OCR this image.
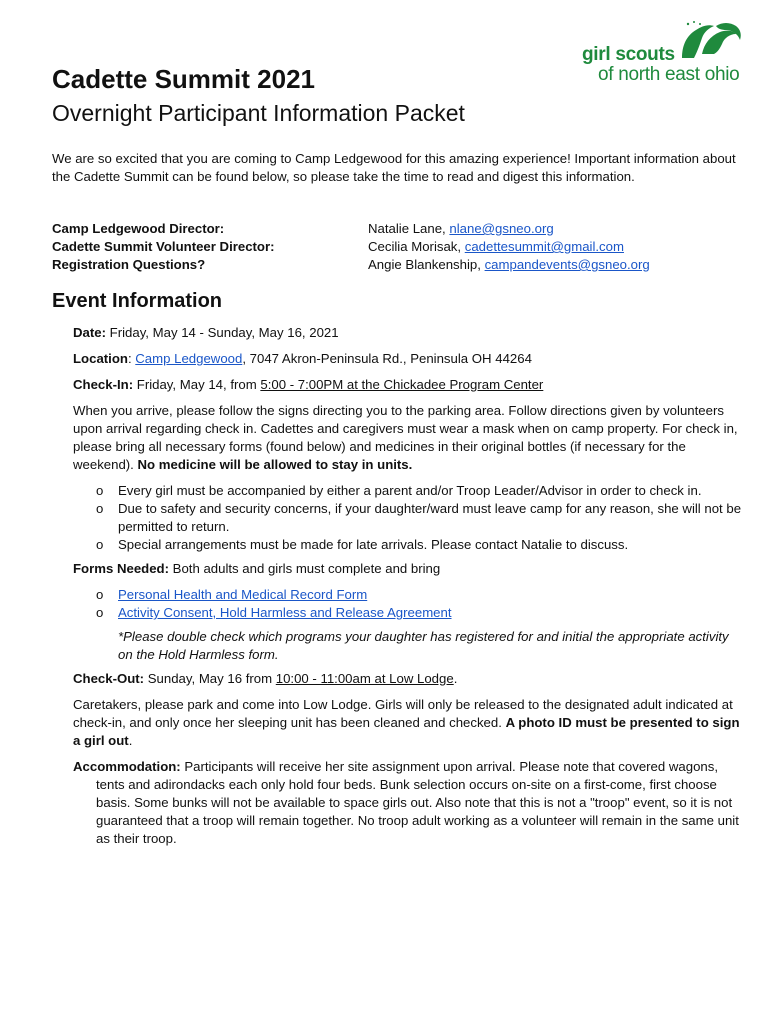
girl scouts
of north east ohio
Cadette Summit 2021
Overnight Participant Information Packet

We are so excited that you are coming to Camp Ledgewood for this amazing experience! Important information about the Cadette Summit can be found below, so please take the time to read and digest this information.

Camp Ledgewood Director:	Natalie Lane, nlane@gsneo.org
Cadette Summit Volunteer Director:	Cecilia Morisak, cadettesummit@gmail.com
Registration Questions?	Angie Blankenship, campandevents@gsneo.org
Event Information

Date: Friday, May 14 - Sunday, May 16, 2021

Location: Camp Ledgewood, 7047 Akron-Peninsula Rd., Peninsula OH 44264

Check-In: Friday, May 14, from 5:00 - 7:00PM at the Chickadee Program Center

When you arrive, please follow the signs directing you to the parking area. Follow directions given by volunteers upon arrival regarding check in. Cadettes and caregivers must wear a mask when on camp property. For check in, please bring all necessary forms (found below) and medicines in their original bottles (if necessary for the weekend). No medicine will be allowed to stay in units.

o Every girl must be accompanied by either a parent and/or Troop Leader/Advisor in order to check in.
o Due to safety and security concerns, if your daughter/ward must leave camp for any reason, she will not be permitted to return.
o Special arrangements must be made for late arrivals. Please contact Natalie to discuss.

Forms Needed: Both adults and girls must complete and bring

o Personal Health and Medical Record Form
o Activity Consent, Hold Harmless and Release Agreement

*Please double check which programs your daughter has registered for and initial the appropriate activity on the Hold Harmless form.

Check-Out: Sunday, May 16 from 10:00 - 11:00am at Low Lodge.

Caretakers, please park and come into Low Lodge. Girls will only be released to the designated adult indicated at check-in, and only once her sleeping unit has been cleaned and checked. A photo ID must be presented to sign a girl out.

Accommodation: Participants will receive her site assignment upon arrival. Please note that covered wagons, tents and adirondacks each only hold four beds. Bunk selection occurs on-site on a first-come, first choose basis. Some bunks will not be available to space girls out. Also note that this is not a "troop" event, so it is not guaranteed that a troop will remain together. No troop adult working as a volunteer will remain in the same unit as their troop.
